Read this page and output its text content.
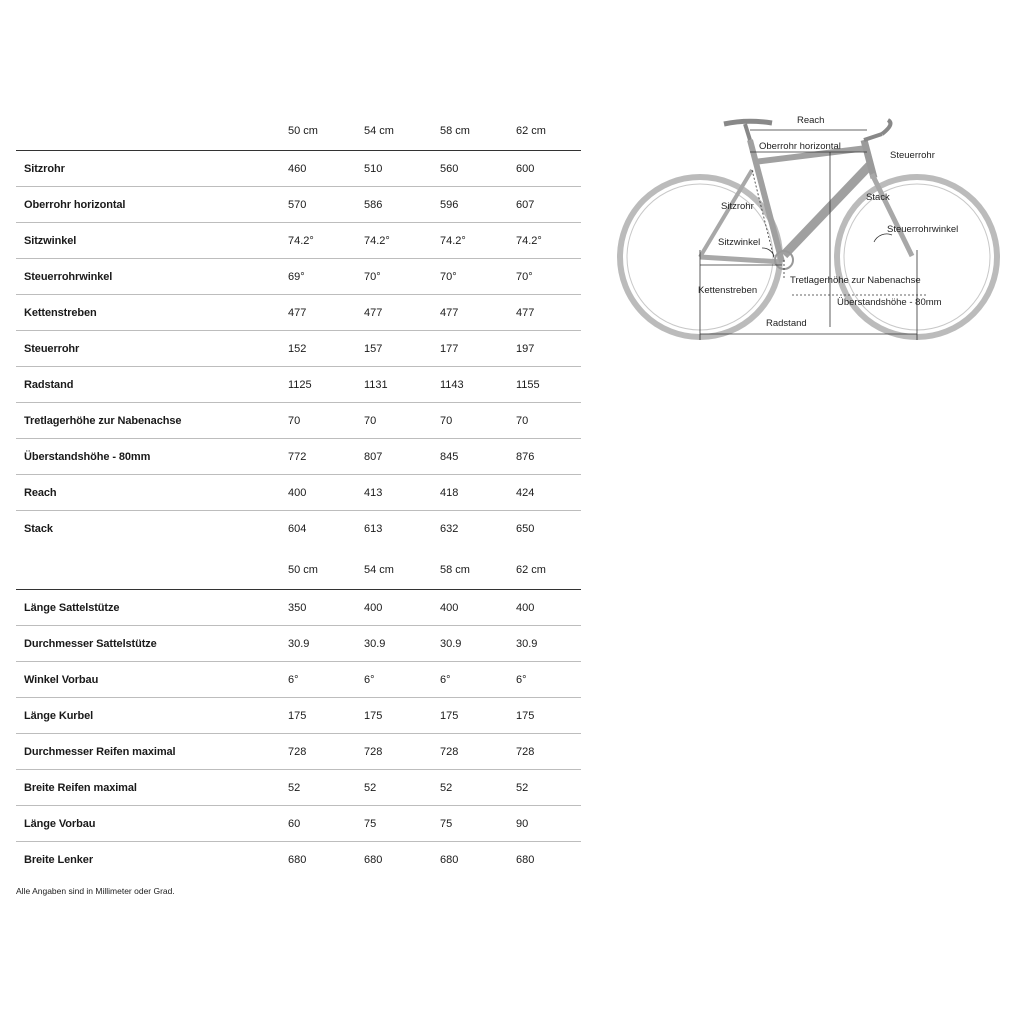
	50 cm	54 cm	58 cm	62 cm
Sitzrohr	460	510	560	600
Oberrohr horizontal	570	586	596	607
Sitzwinkel	74.2°	74.2°	74.2°	74.2°
Steuerrohrwinkel	69°	70°	70°	70°
Kettenstreben	477	477	477	477
Steuerrohr	152	157	177	197
Radstand	1125	1131	1143	1155
Tretlagerhöhe zur Nabenachse	70	70	70	70
Überstandshöhe - 80mm	772	807	845	876
Reach	400	413	418	424
Stack	604	613	632	650
	50 cm	54 cm	58 cm	62 cm
Länge Sattelstütze	350	400	400	400
Durchmesser Sattelstütze	30.9	30.9	30.9	30.9
Winkel Vorbau	6°	6°	6°	6°
Länge Kurbel	175	175	175	175
Durchmesser Reifen maximal	728	728	728	728
Breite Reifen maximal	52	52	52	52
Länge Vorbau	60	75	75	90
Breite Lenker	680	680	680	680
Alle Angaben sind in Millimeter oder Grad.
Reach
Oberrohr horizontal
Steuerrohr
Sitzrohr
Stack
Sitzwinkel
Steuerrohrwinkel
Tretlagerhöhe zur Nabenachse
Kettenstreben
Überstandshöhe - 80mm
Radstand
